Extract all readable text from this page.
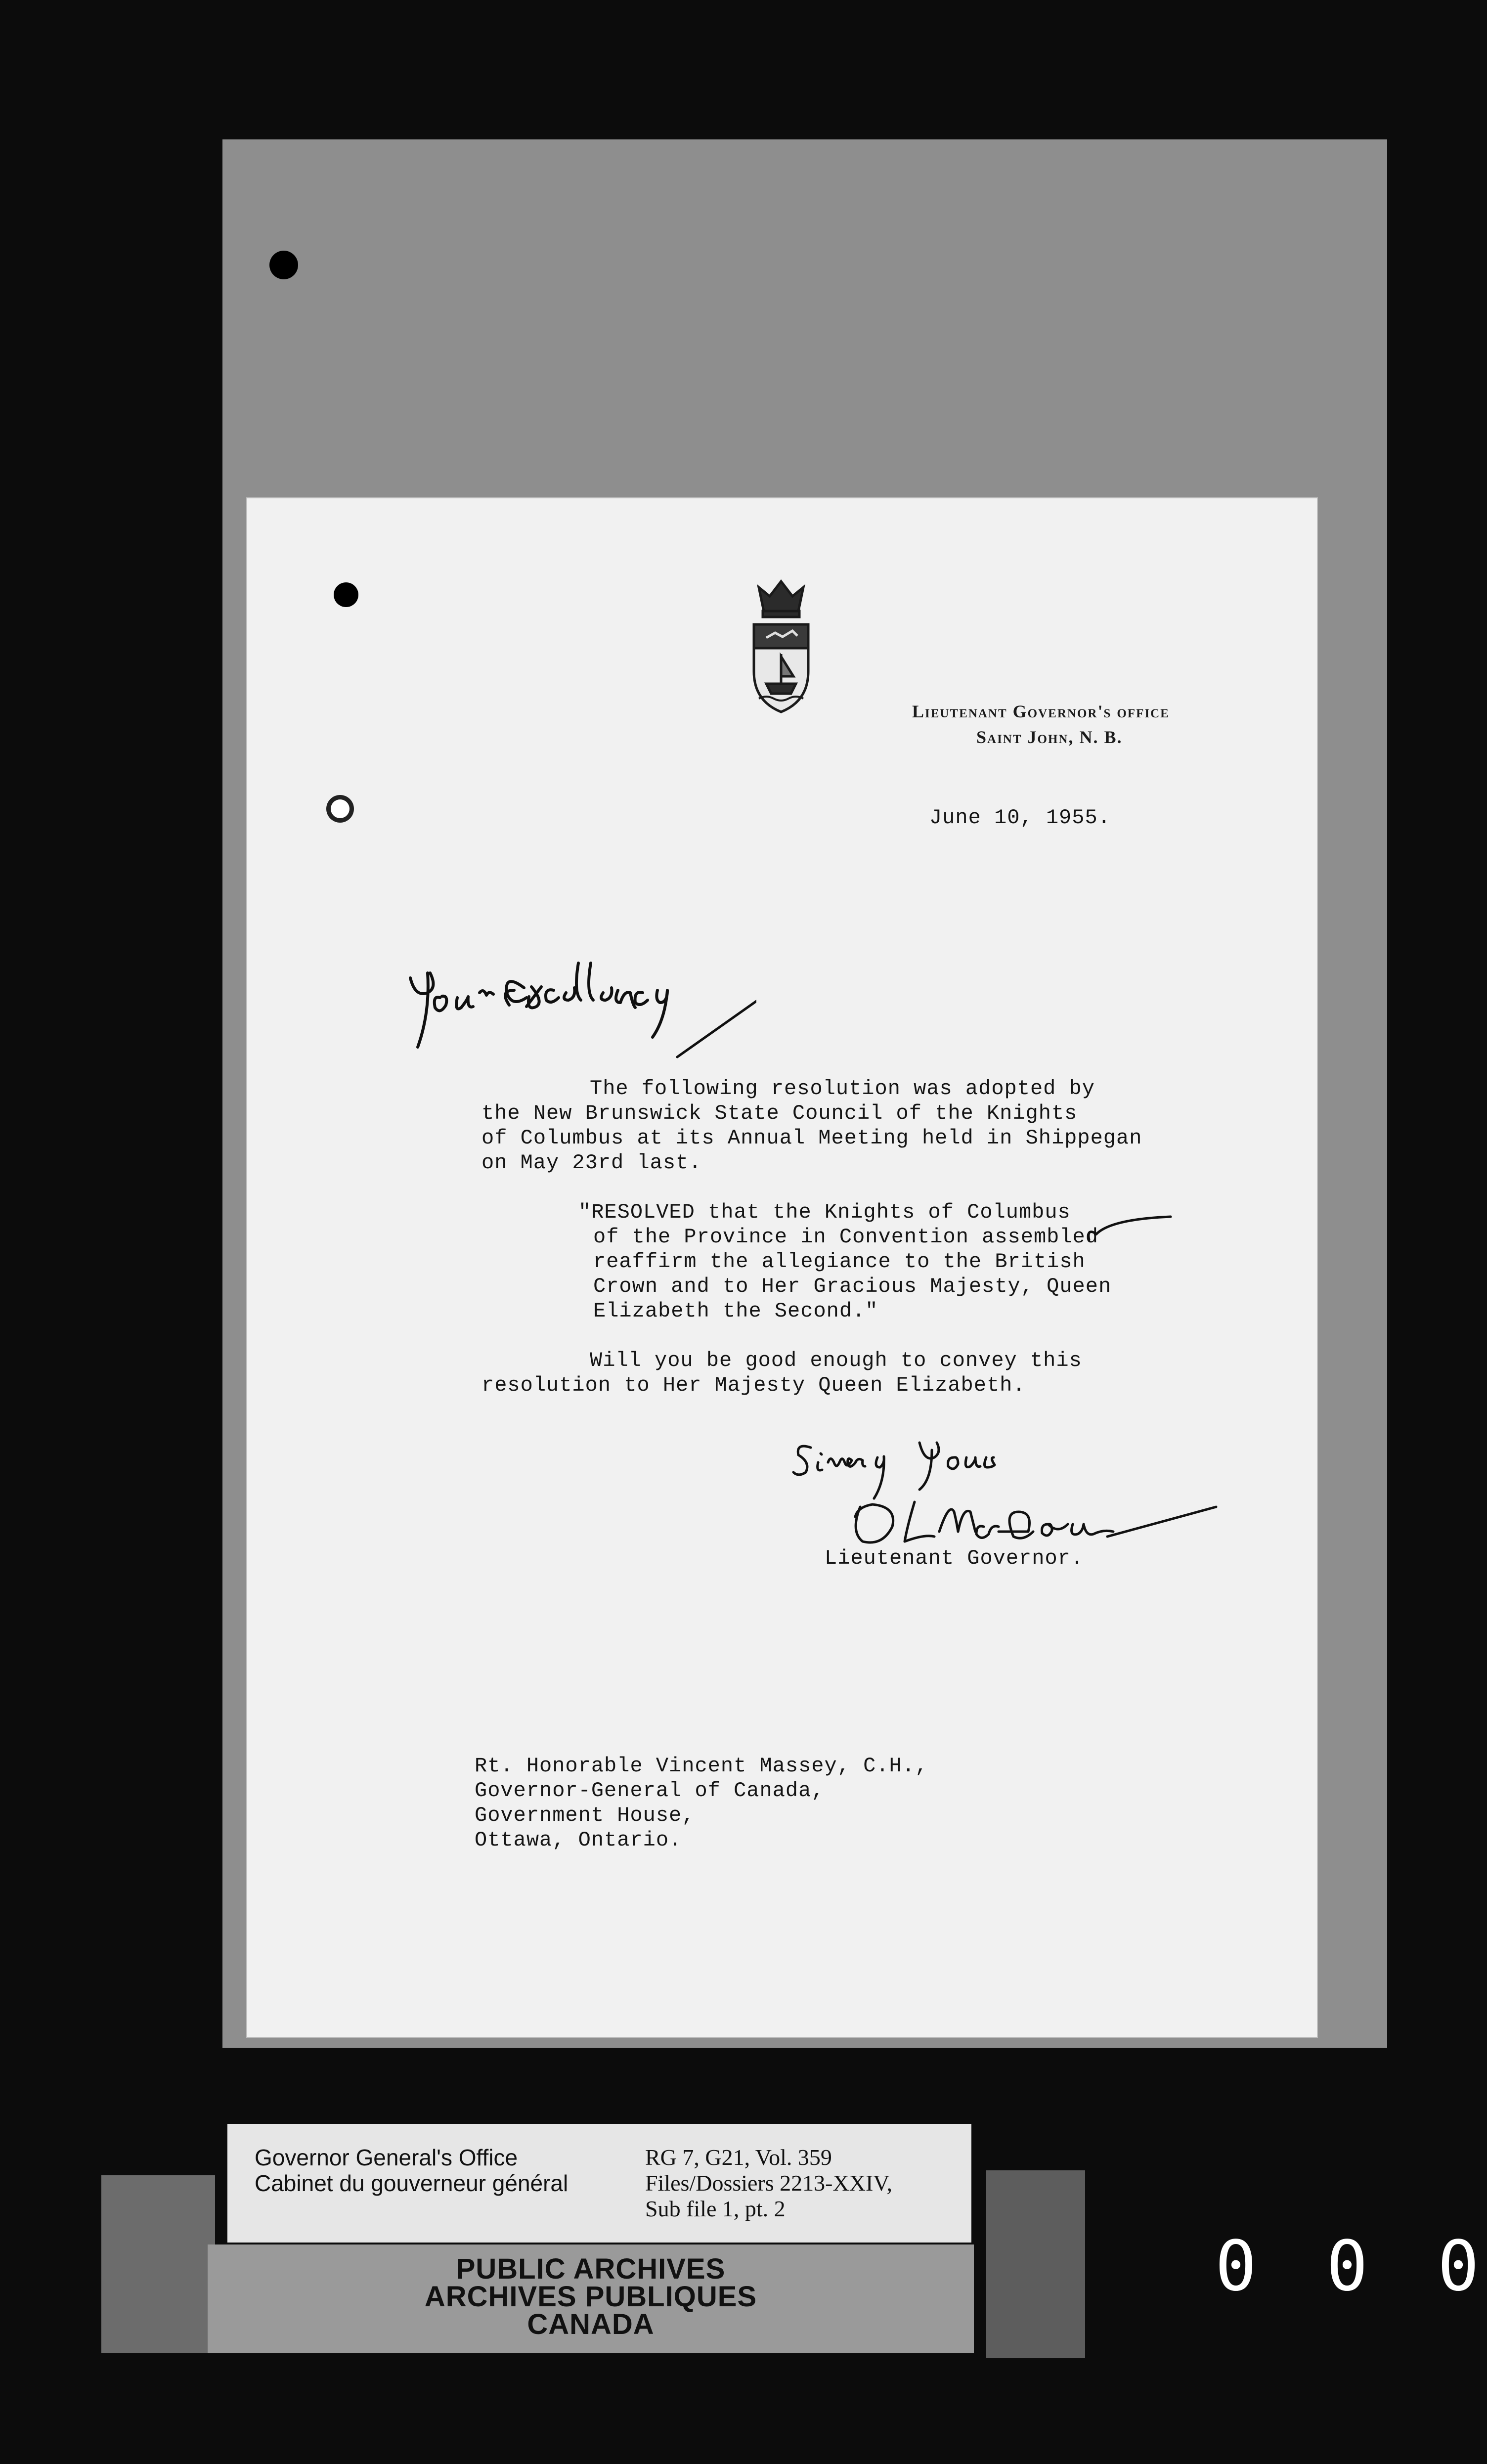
Lieutenant Governor's office
Saint John, N. B.
June 10, 1955.
The following resolution was adopted by
the New Brunswick State Council of the Knights
of Columbus at its Annual Meeting held in Shippegan
on May 23rd last.
"RESOLVED that the Knights of Columbus
of the Province in Convention assembled
reaffirm the allegiance to the British
Crown and to Her Gracious Majesty, Queen
Elizabeth the Second."
Will you be good enough to convey this
resolution to Her Majesty Queen Elizabeth.
Lieutenant Governor.
Rt. Honorable Vincent Massey, C.H.,
Governor-General of Canada,
Government House,
Ottawa, Ontario.
Governor General's Office
Cabinet du gouverneur général
RG 7, G21, Vol. 359
Files/Dossiers 2213-XXIV,
Sub file 1, pt. 2
PUBLIC ARCHIVES
ARCHIVES PUBLIQUES
CANADA
0 0 0
